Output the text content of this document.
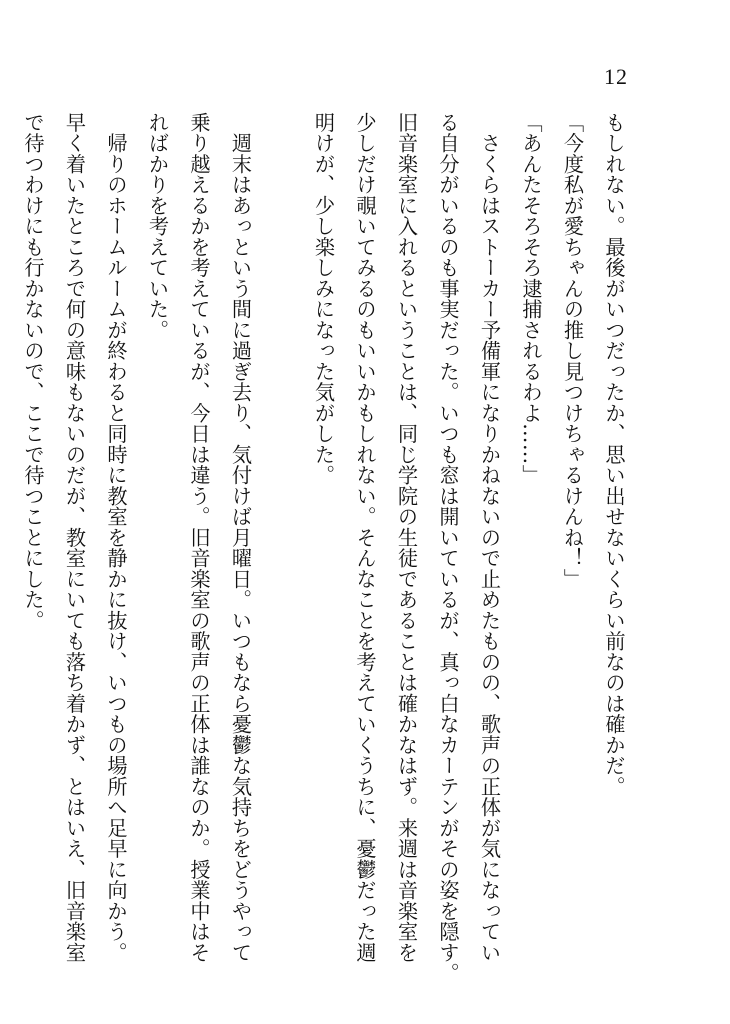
12
もしれない。最後がいつだったか、思い出せないくらい前なのは確かだ。
「今度私が愛ちゃんの推し見つけちゃるけんね！」
「あんたそろそろ逮捕されるわよ……」
　さくらはストーカー予備軍になりかねないので止めたものの、歌声の正体が気になってい
る自分がいるのも事実だった。いつも窓は開いているが、真っ白なカーテンがその姿を隠す。
旧音楽室に入れるということは、同じ学院の生徒であることは確かなはず。来週は音楽室を
少しだけ覗いてみるのもいいかもしれない。そんなことを考えていくうちに、憂鬱だった週
明けが、少し楽しみになった気がした。
　週末はあっという間に過ぎ去り、気付けば月曜日。いつもなら憂鬱な気持ちをどうやって
乗り越えるかを考えているが、今日は違う。旧音楽室の歌声の正体は誰なのか。授業中はそ
ればかりを考えていた。
　帰りのホームルームが終わると同時に教室を静かに抜け、いつもの場所へ足早に向かう。
早く着いたところで何の意味もないのだが、教室にいても落ち着かず、とはいえ、旧音楽室
で待つわけにも行かないので、ここで待つことにした。
